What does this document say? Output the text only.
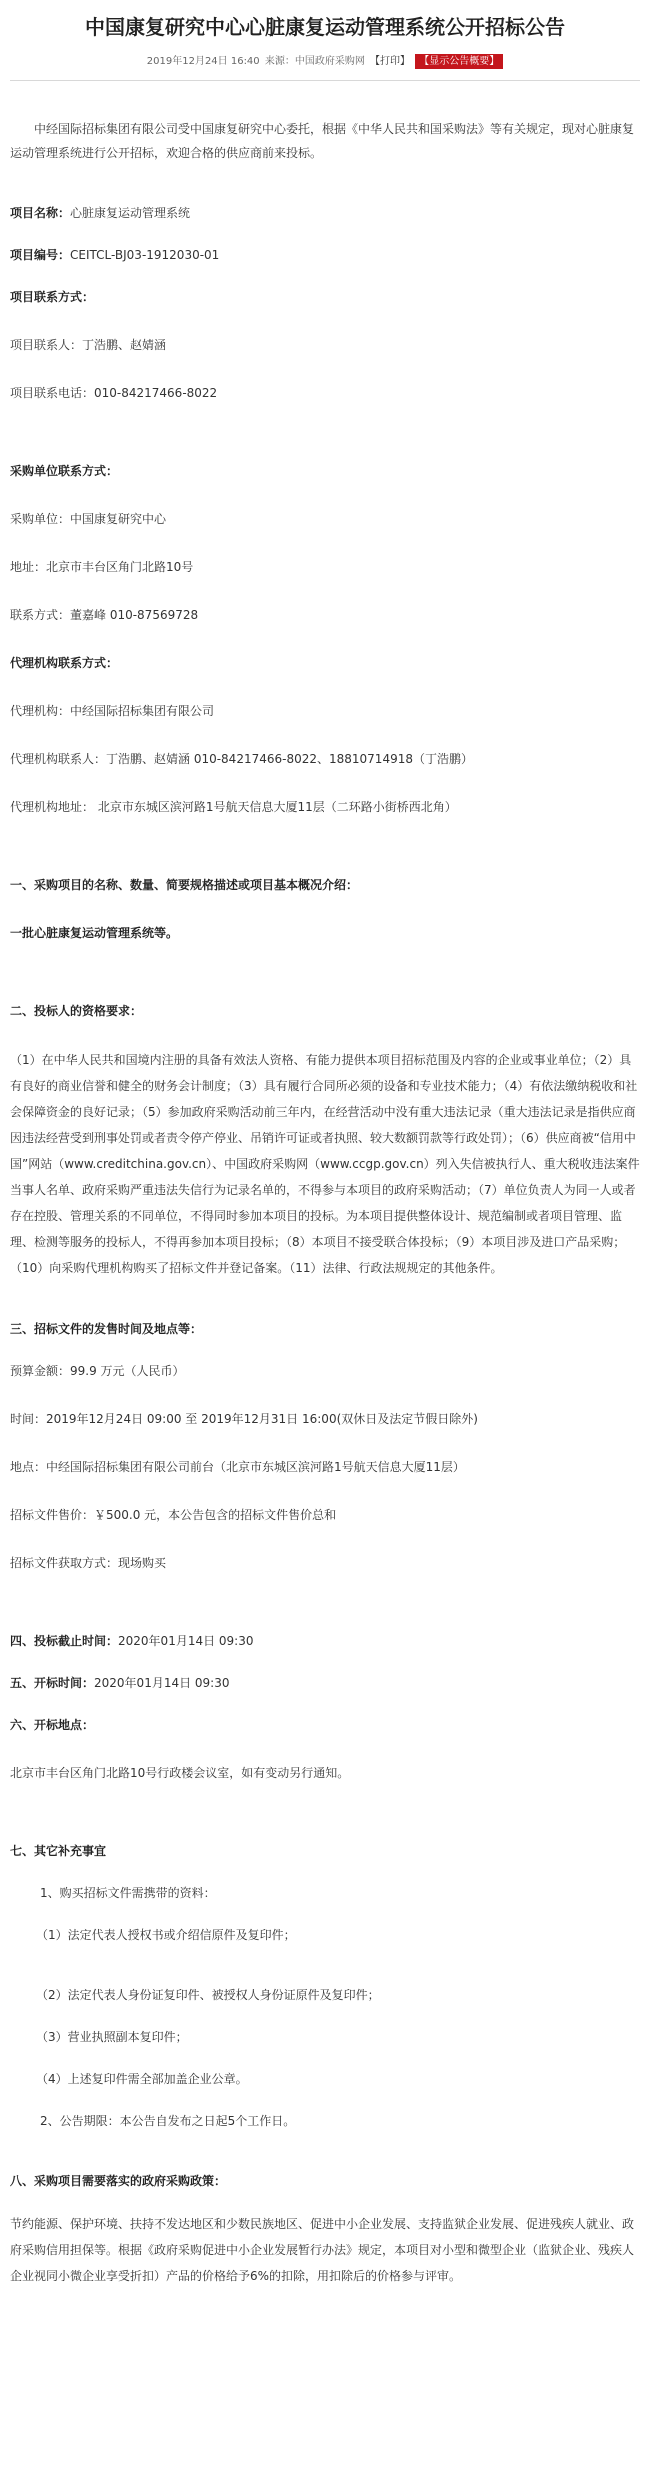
中国康复研究中心心脏康复运动管理系统公开招标公告
2019年12月24日 16:40 来源：中国政府采购网 【打印】 【显示公告概要】

中经国际招标集团有限公司受中国康复研究中心委托，根据《中华人民共和国采购法》等有关规定，现对心脏康复运动管理系统进行公开招标，欢迎合格的供应商前来投标。

项目名称：心脏康复运动管理系统

项目编号：CEITCL-BJ03-1912030-01

项目联系方式：

项目联系人：丁浩鹏、赵婧涵

项目联系电话：010-84217466-8022

采购单位联系方式：

采购单位：中国康复研究中心

地址：北京市丰台区角门北路10号

联系方式：董嘉峰 010-87569728

代理机构联系方式：

代理机构：中经国际招标集团有限公司

代理机构联系人：丁浩鹏、赵婧涵 010-84217466-8022、18810714918（丁浩鹏）

代理机构地址： 北京市东城区滨河路1号航天信息大厦11层（二环路小街桥西北角）

一、采购项目的名称、数量、简要规格描述或项目基本概况介绍：

一批心脏康复运动管理系统等。

二、投标人的资格要求：

（1）在中华人民共和国境内注册的具备有效法人资格、有能力提供本项目招标范围及内容的企业或事业单位；（2）具有良好的商业信誉和健全的财务会计制度；（3）具有履行合同所必须的设备和专业技术能力；（4）有依法缴纳税收和社会保障资金的良好记录；（5）参加政府采购活动前三年内，在经营活动中没有重大违法记录（重大违法记录是指供应商因违法经营受到刑事处罚或者责令停产停业、吊销许可证或者执照、较大数额罚款等行政处罚）；（6）供应商被“信用中国”网站（www.creditchina.gov.cn）、中国政府采购网（www.ccgp.gov.cn）列入失信被执行人、重大税收违法案件当事人名单、政府采购严重违法失信行为记录名单的，不得参与本项目的政府采购活动；（7）单位负责人为同一人或者存在控股、管理关系的不同单位，不得同时参加本项目的投标。为本项目提供整体设计、规范编制或者项目管理、监理、检测等服务的投标人，不得再参加本项目投标；（8）本项目不接受联合体投标；（9）本项目涉及进口产品采购；（10）向采购代理机构购买了招标文件并登记备案。（11）法律、行政法规规定的其他条件。

三、招标文件的发售时间及地点等：

预算金额：99.9 万元（人民币）

时间：2019年12月24日 09:00 至 2019年12月31日 16:00(双休日及法定节假日除外)

地点：中经国际招标集团有限公司前台（北京市东城区滨河路1号航天信息大厦11层）

招标文件售价：￥500.0 元，本公告包含的招标文件售价总和

招标文件获取方式：现场购买

四、投标截止时间：2020年01月14日 09:30

五、开标时间：2020年01月14日 09:30

六、开标地点：

北京市丰台区角门北路10号行政楼会议室，如有变动另行通知。

七、其它补充事宜

1、购买招标文件需携带的资料：

（1）法定代表人授权书或介绍信原件及复印件；

（2）法定代表人身份证复印件、被授权人身份证原件及复印件；

（3）营业执照副本复印件；

（4）上述复印件需全部加盖企业公章。

2、公告期限：本公告自发布之日起5个工作日。

八、采购项目需要落实的政府采购政策：

节约能源、保护环境、扶持不发达地区和少数民族地区、促进中小企业发展、支持监狱企业发展、促进残疾人就业、政府采购信用担保等。根据《政府采购促进中小企业发展暂行办法》规定，本项目对小型和微型企业（监狱企业、残疾人企业视同小微企业享受折扣）产品的价格给予6%的扣除，用扣除后的价格参与评审。
